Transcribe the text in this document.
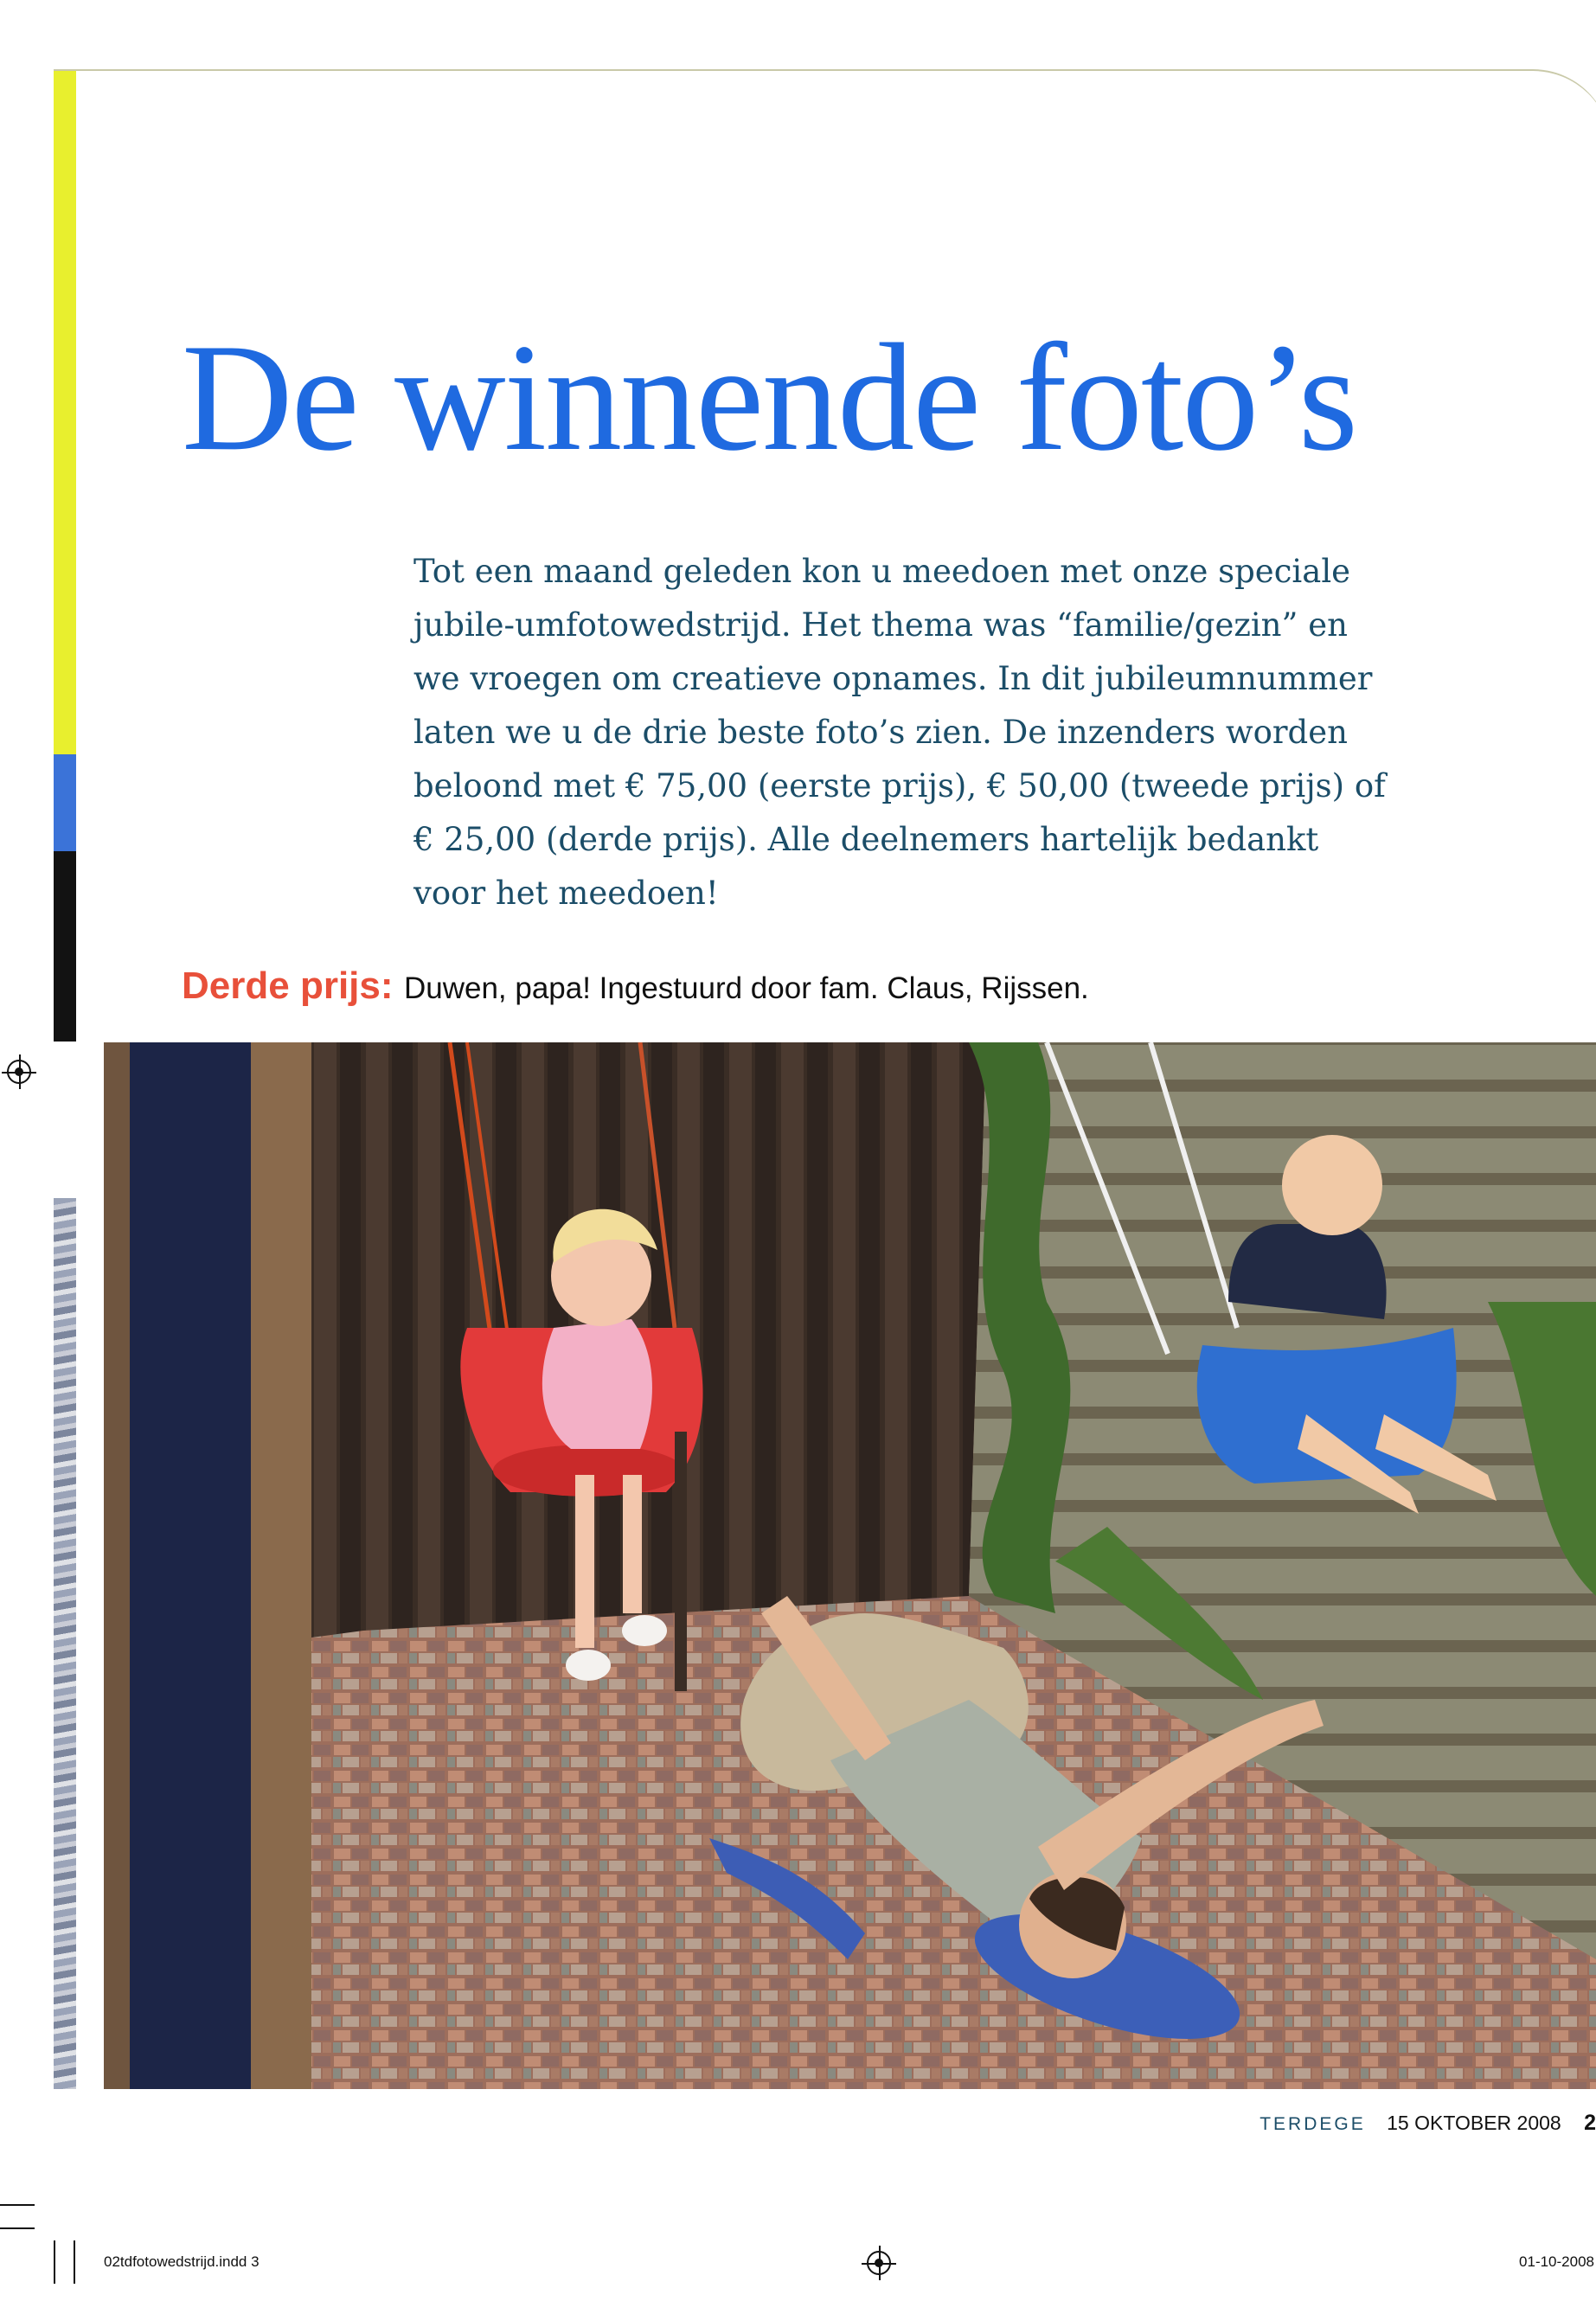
De winnende foto’s

Tot een maand geleden kon u meedoen met onze speciale jubile-umfotowedstrijd. Het thema was “familie/gezin” en we vroegen om creatieve opnames. In dit jubileumnummer laten we u de drie beste foto’s zien. De inzenders worden beloond met € 75,00 (eerste prijs), € 50,00 (tweede prijs) of € 25,00 (derde prijs). Alle deelnemers hartelijk bedankt voor het meedoen!

Derde prijs: Duwen, papa! Ingestuurd door fam. Claus, Rijssen.
TERDEGE 15 OKTOBER 2008 2
02tdfotowedstrijd.indd 3	01-10-2008
